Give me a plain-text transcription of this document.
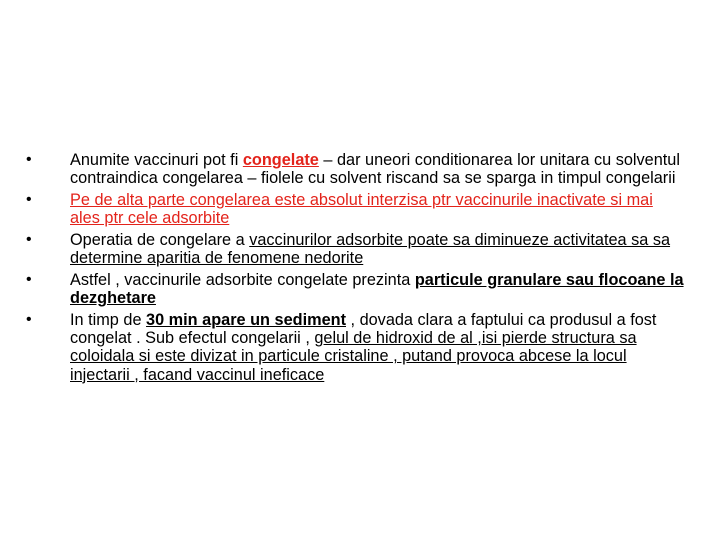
•	Anumite vaccinuri pot fi congelate – dar uneori conditionarea lor unitara cu solventul contraindica congelarea – fiolele cu solvent riscand sa se sparga in timpul congelarii
•	Pe de alta parte congelarea este absolut interzisa ptr vaccinurile inactivate si mai ales ptr cele adsorbite
•	Operatia de congelare a vaccinurilor adsorbite poate sa diminueze activitatea sa sa determine aparitia de fenomene nedorite
•	Astfel , vaccinurile adsorbite congelate prezinta particule granulare sau flocoane la dezghetare
•	In timp de 30 min apare un sediment , dovada clara a faptului ca produsul a fost congelat . Sub efectul congelarii , gelul de hidroxid de al ,isi pierde structura sa coloidala si este divizat in particule cristaline , putand provoca abcese la locul injectarii , facand vaccinul ineficace
